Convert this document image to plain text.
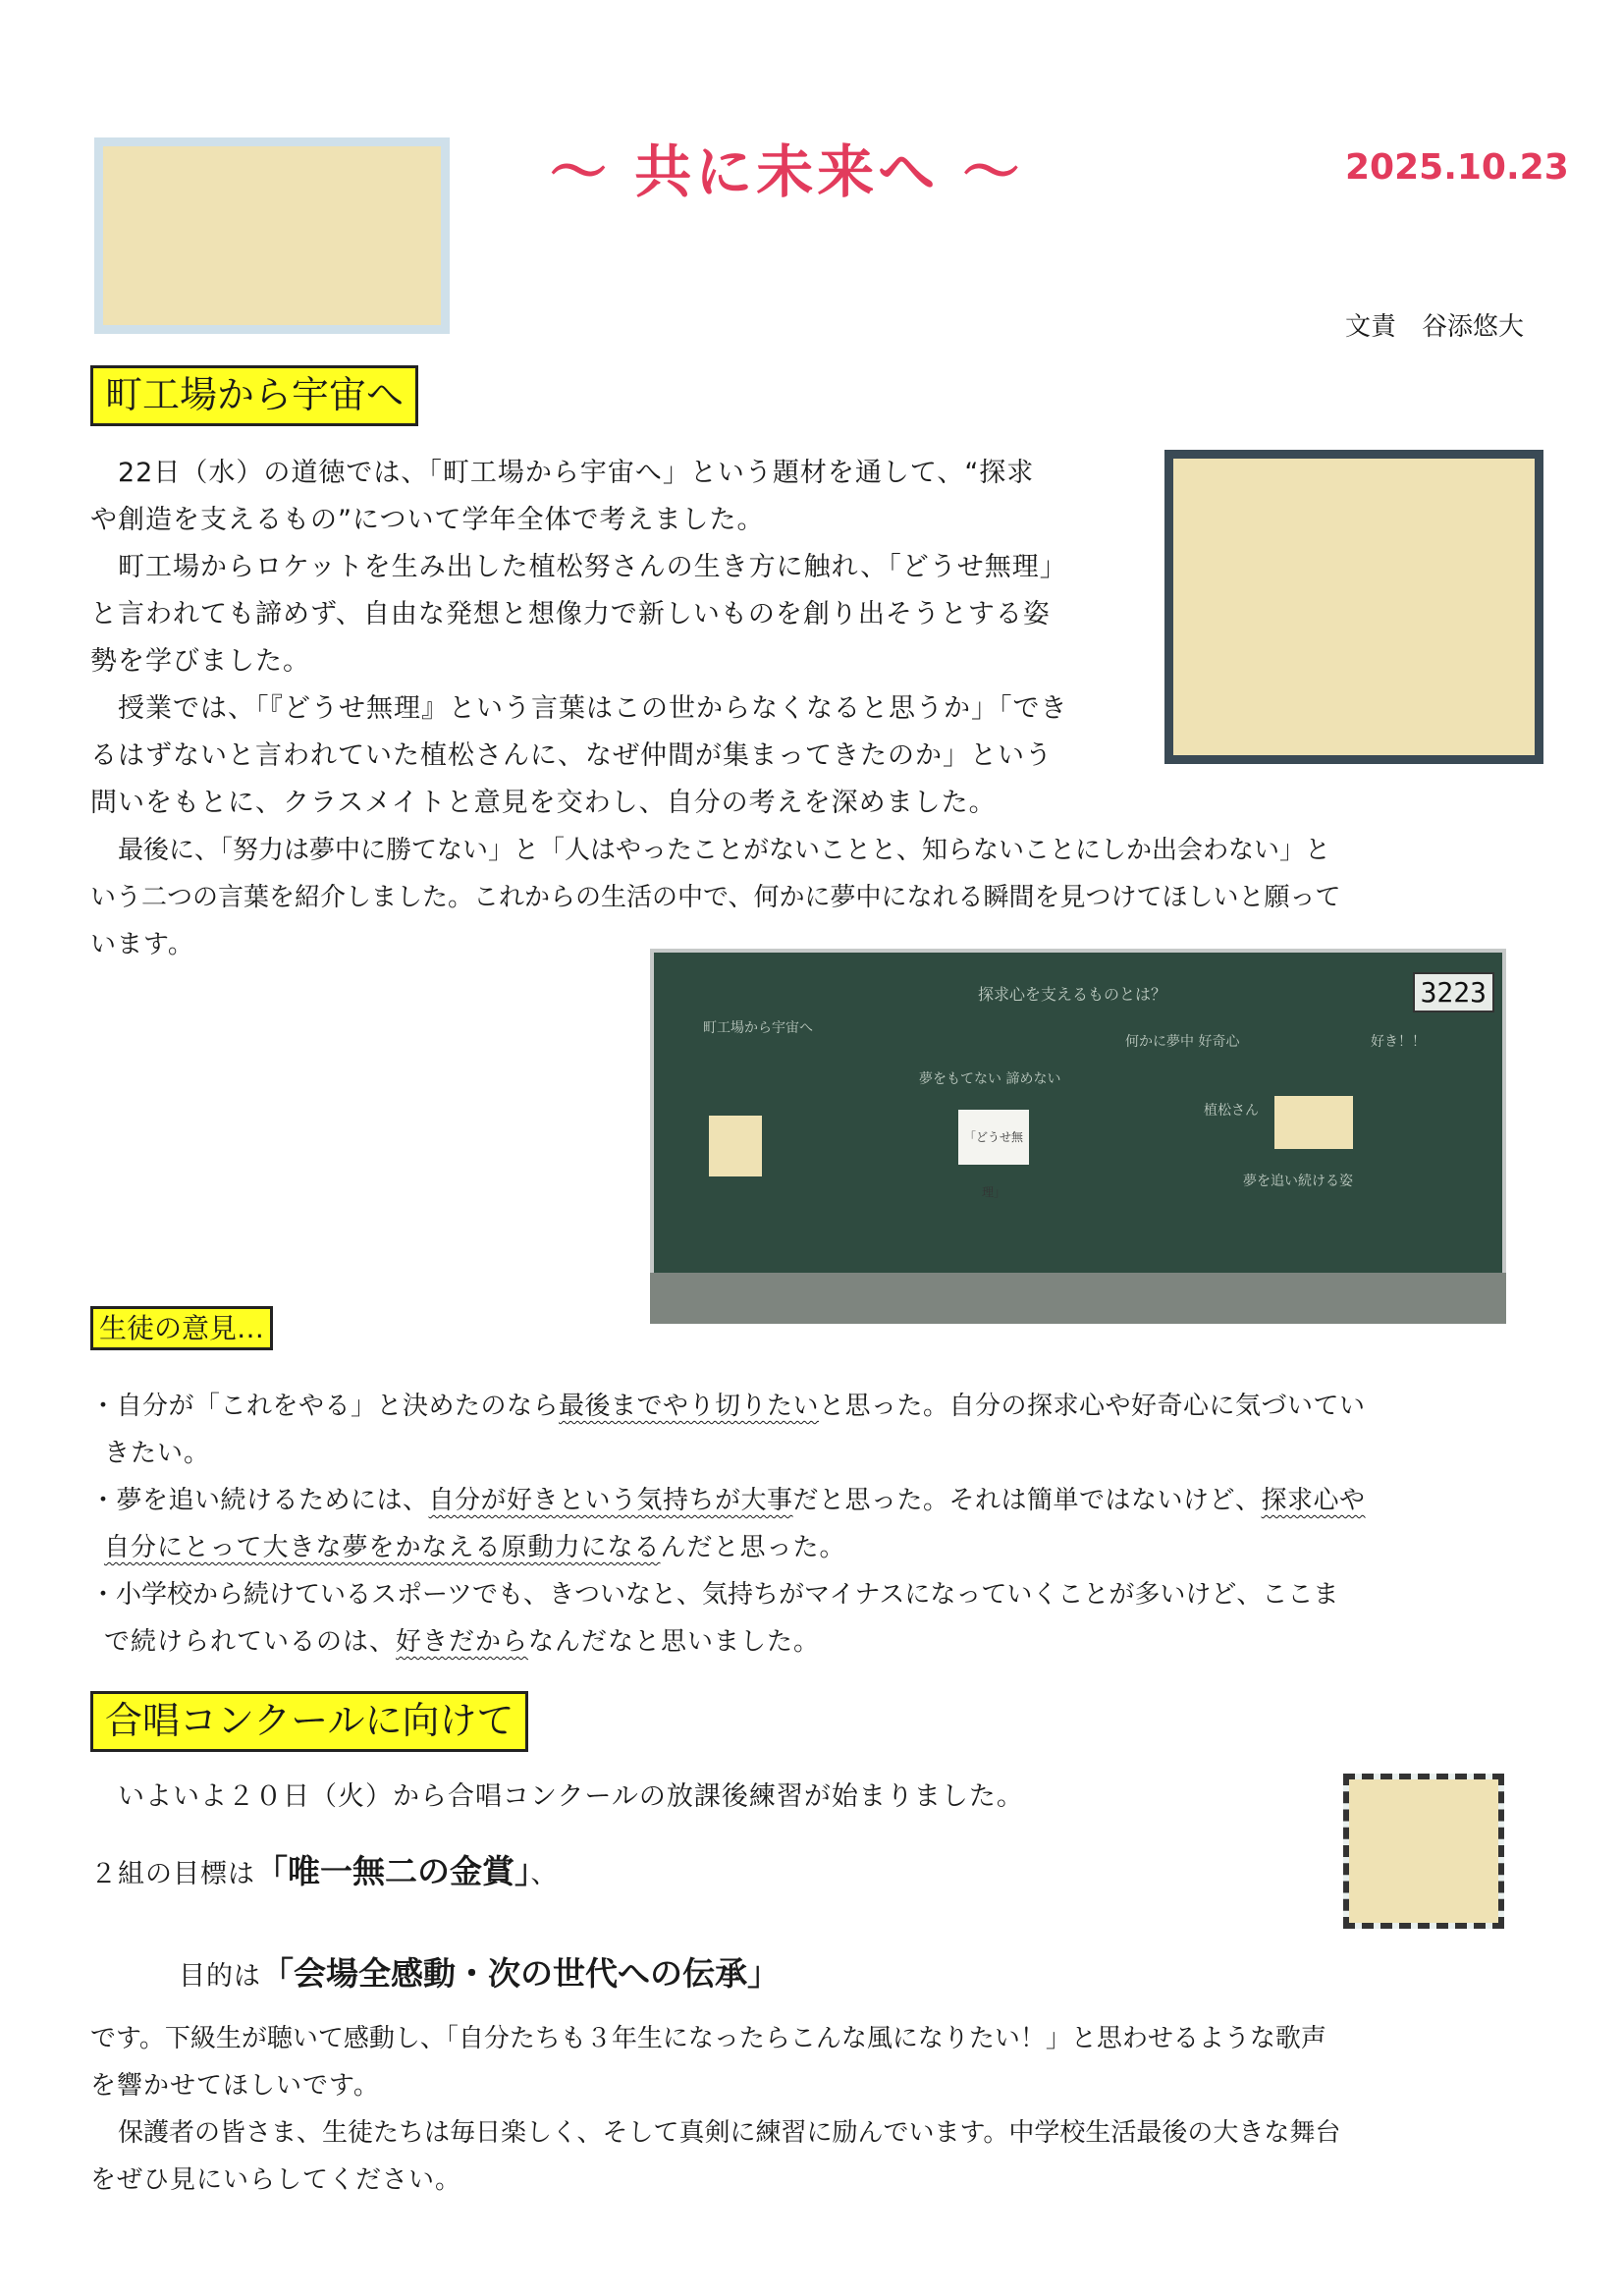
～ 共に未来へ ～	2025.10.23
文責　谷添悠大
町工場から宇宙へ

22日（水）の道徳では、「町工場から宇宙へ」という題材を通して、“探求

や創造を支えるもの”について学年全体で考えました。

町工場からロケットを生み出した植松努さんの生き方に触れ、「どうせ無理」

と言われても諦めず、自由な発想と想像力で新しいものを創り出そうとする姿

勢を学びました。

授業では、「『どうせ無理』という言葉はこの世からなくなると思うか」「でき

るはずないと言われていた植松さんに、なぜ仲間が集まってきたのか」という

問いをもとに、クラスメイトと意見を交わし、自分の考えを深めました。

最後に、「努力は夢中に勝てない」と「人はやったことがないことと、知らないことにしか出会わない」と

いう二つの言葉を紹介しました。これからの生活の中で、何かに夢中になれる瞬間を見つけてほしいと願って

います。

町工場から宇宙へ
探求心を支えるものとは？
夢をもてない 諦めない
何かに夢中 好奇心
植松さん
夢を追い続ける姿
好き！！
3223
「どうせ無理」
生徒の意見…

・自分が「これをやる」と決めたのなら最後までやり切りたいと思った。自分の探求心や好奇心に気づいてい

きたい。

・夢を追い続けるためには、自分が好きという気持ちが大事だと思った。それは簡単ではないけど、探求心や

自分にとって大きな夢をかなえる原動力になるんだと思った。

・小学校から続けているスポーツでも、きついなと、気持ちがマイナスになっていくことが多いけど、ここま

で続けられているのは、好きだからなんだなと思いました。

合唱コンクールに向けて

いよいよ２０日（火）から合唱コンクールの放課後練習が始まりました。

２組の目標は「唯一無二の金賞」、
目的は「会場全感動・次の世代への伝承」

です。下級生が聴いて感動し、「自分たちも３年生になったらこんな風になりたい！」と思わせるような歌声

を響かせてほしいです。

保護者の皆さま、生徒たちは毎日楽しく、そして真剣に練習に励んでいます。中学校生活最後の大きな舞台

をぜひ見にいらしてください。
